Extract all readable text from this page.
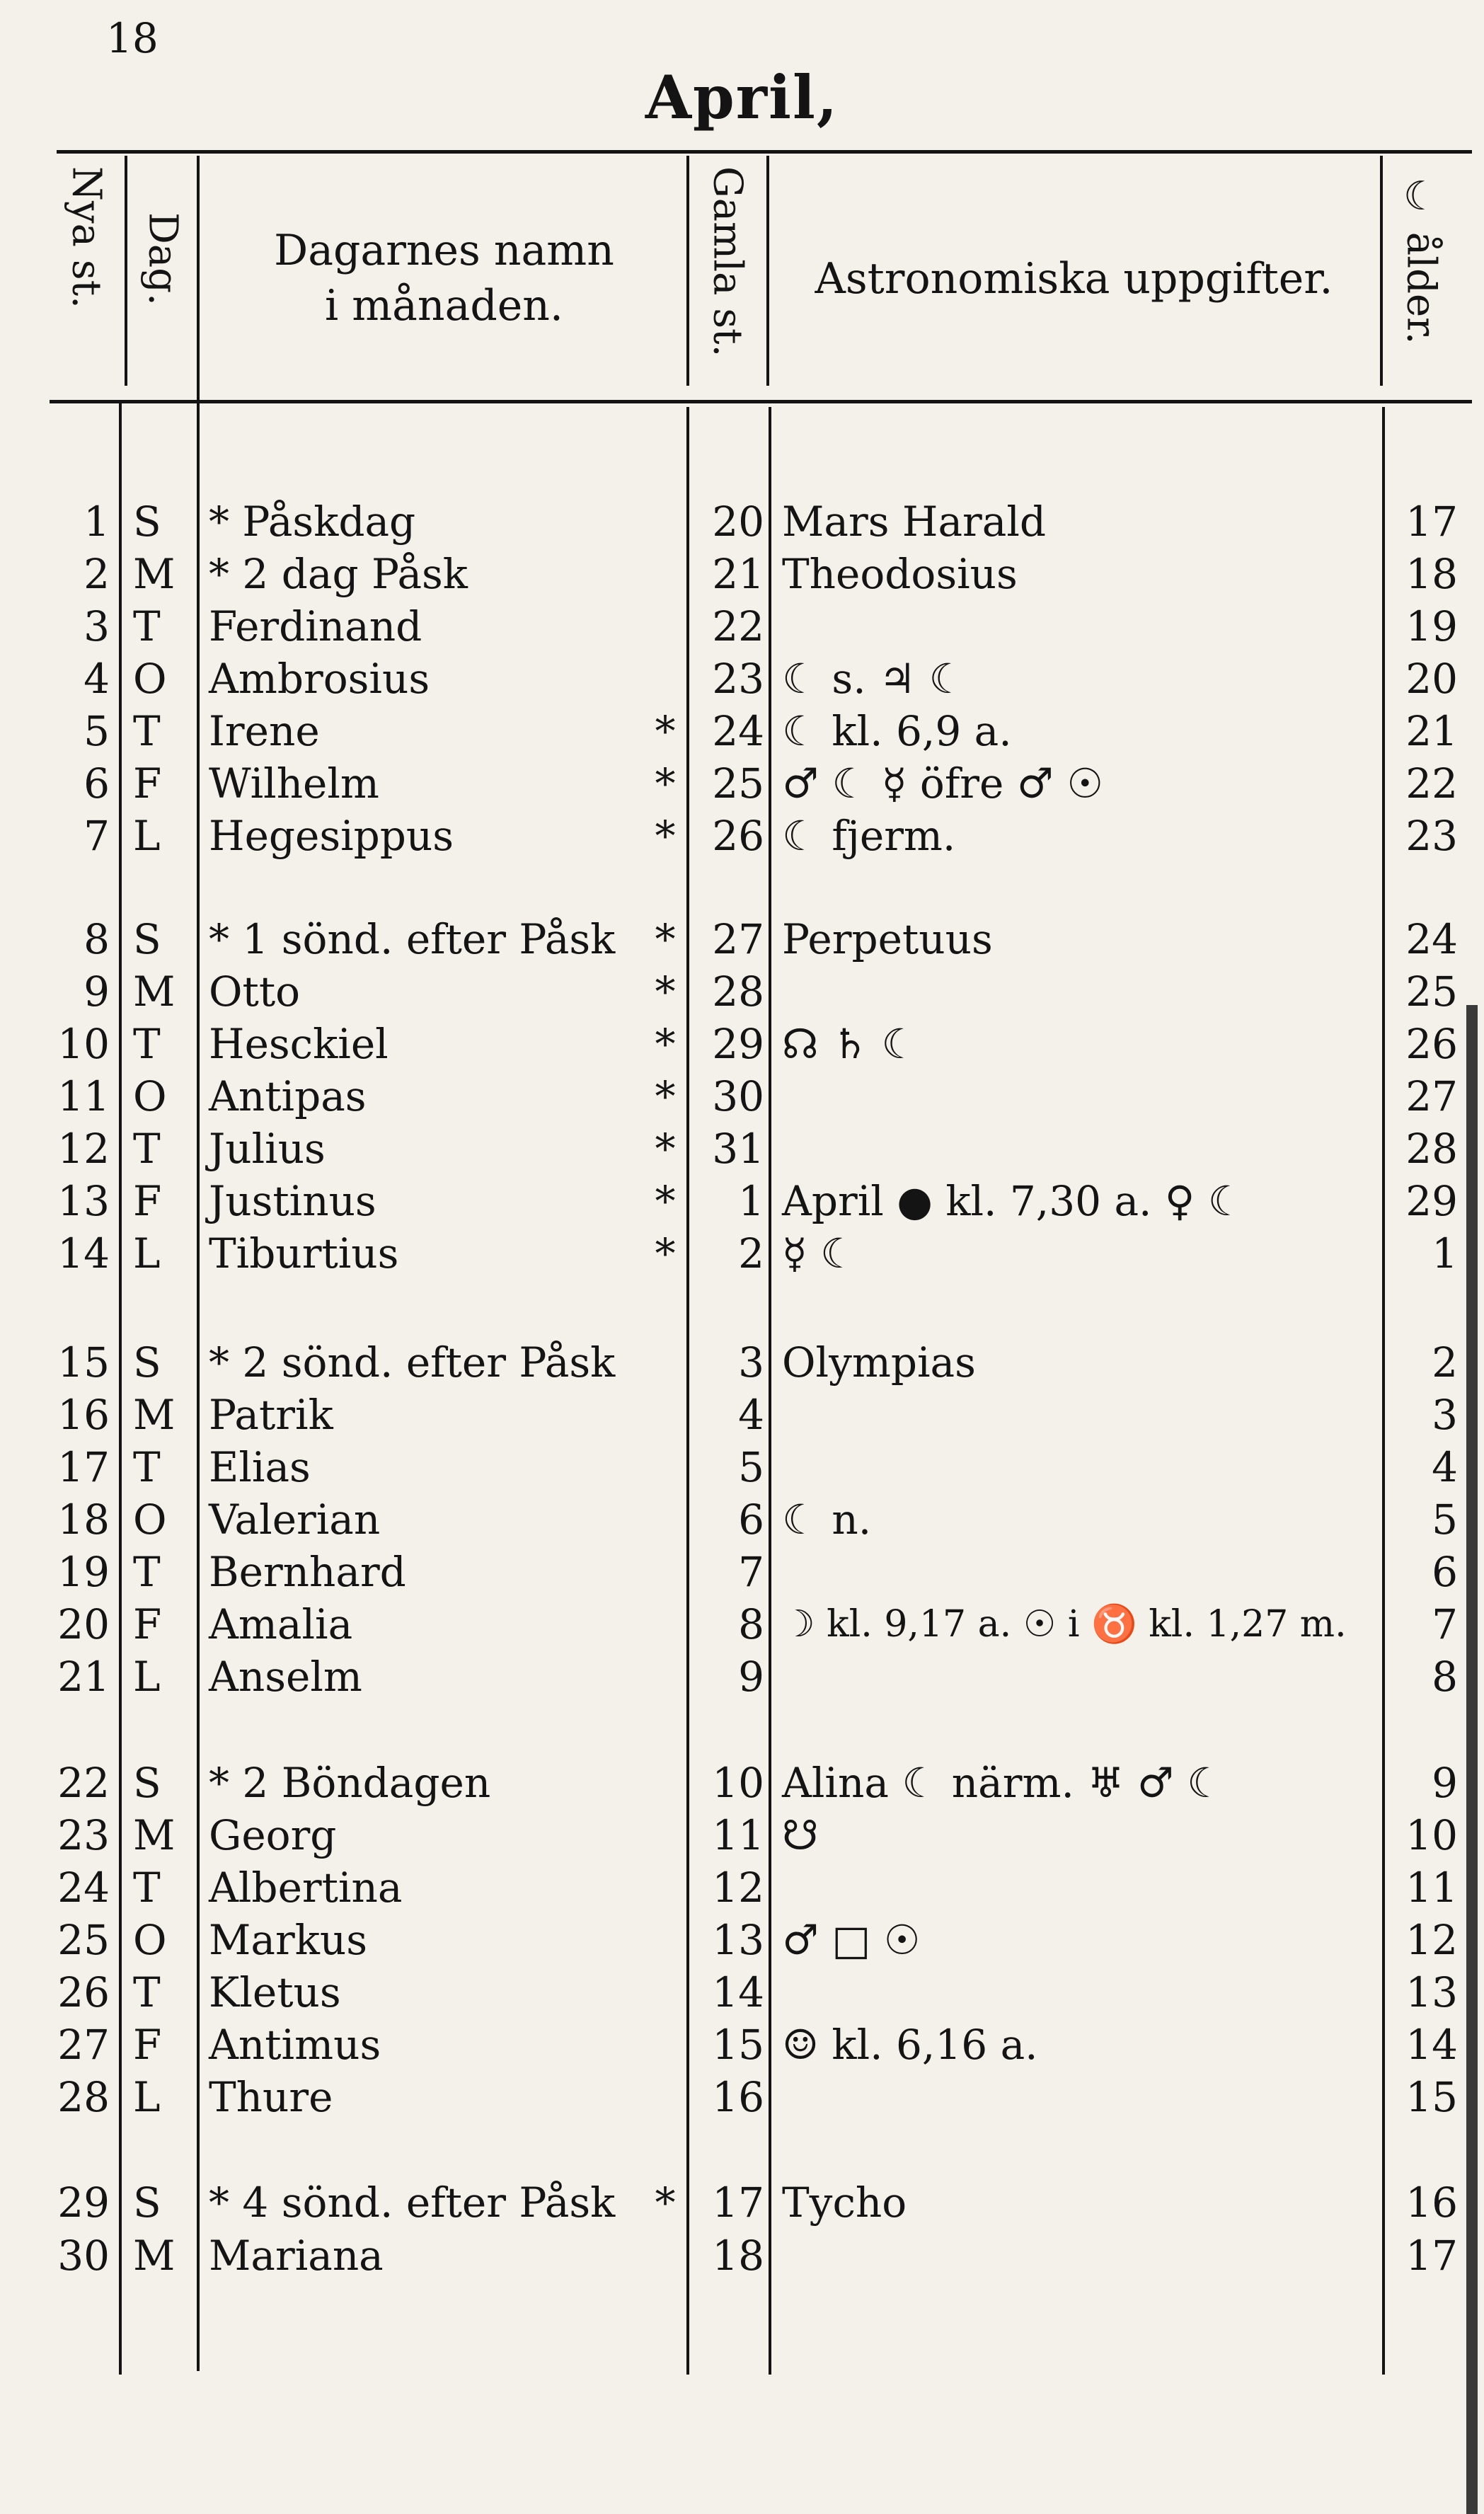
18
April,
Nya st. Dag.	Dagarnes namn
i månaden.	Gamla st.	Astronomiska uppgifter.	☾ ålder.
1 S * Påskdag	20 Mars Harald	17
2 M * 2 dag Påsk	21 Theodosius	18
3 T Ferdinand	22	19
4 O Ambrosius	23 ☾ s. ♃ ☾	20
5 T Irene	* 24 ☾ kl. 6,9 a.	21
6 F Wilhelm	* 25 ♂ ☾ ☿ öfre ♂ ☉	22
7 L Hegesippus	* 26 ☾ fjerm.	23
8 S * 1 sönd. efter Påsk * 27 Perpetuus	24
9 M Otto	* 28	25
10 T Hesckiel	* 29 ☊ ♄ ☾	26
11 O Antipas	* 30	27
12 T Julius	* 31	28
13 F Justinus	*	1 April ● kl. 7,30 a. ♀ ☾	29
14 L Tiburtius	*	2 ☿ ☾	1
15 S * 2 sönd. efter Påsk	3 Olympias	2
16 M Patrik	4	3
17 T Elias	5	4
18 O Valerian	6 ☾ n.	5
19 T Bernhard	7	6
20 F Amalia	8 ☽ kl. 9,17 a. ☉ i ♉ kl. 1,27 m.	7
21 L Anselm	9	8
22 S * 2 Böndagen	10 Alina ☾ närm. ♅ ♂ ☾	9
23 M Georg	11 ☋	10
24 T Albertina	12	11
25 O Markus	13 ♂ □ ☉	12
26 T Kletus	14	13
27 F Antimus	15 ☺ kl. 6,16 a.	14
28 L Thure	16	15
29 S * 4 sönd. efter Påsk * 17 Tycho	16
30 M Mariana	18	17
